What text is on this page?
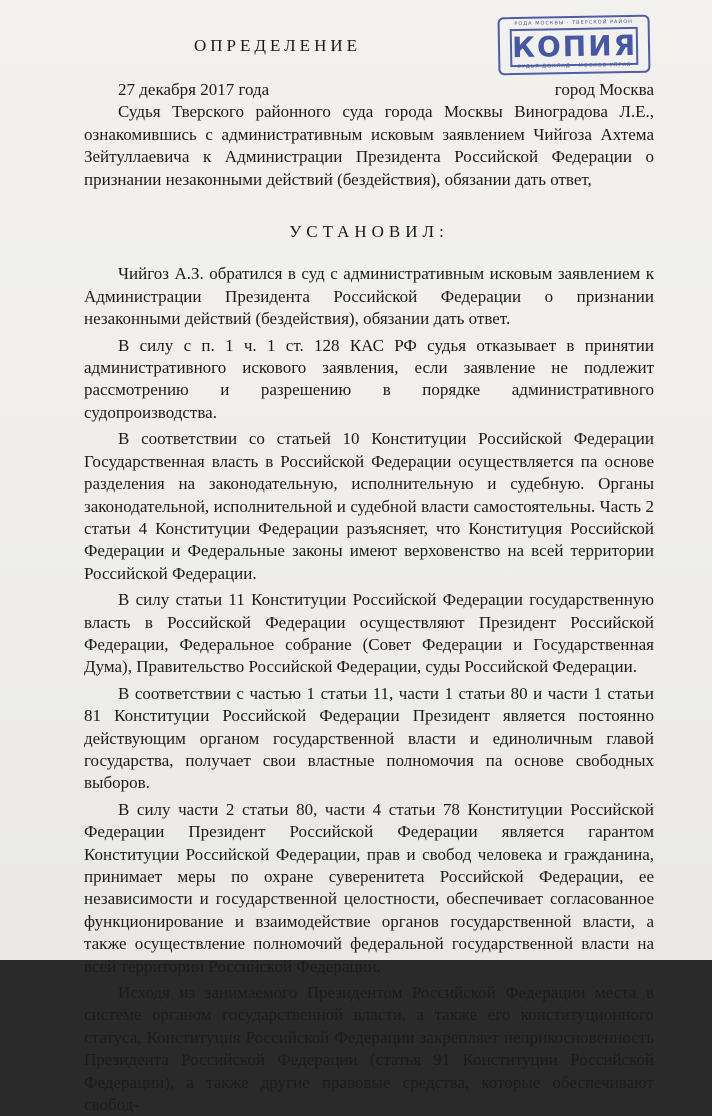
РОДА МОСКВЫ · ТВЕРСКОЙ РАЙОН
КОПИЯ
СУДЬЯ ДОКЛАД · МОСКОВ УПРАВ
ОПРЕДЕЛЕНИЕ
27 декабря 2017 года	город Москва

Судья Тверского районного суда города Москвы Виноградова Л.Е., ознакомившись с административным исковым заявлением Чийгоза Ахтема Зейтуллаевича к Администрации Президента Российской Федерации о признании незаконными действий (бездействия), обязании дать ответ,

УСТАНОВИЛ:

Чийгоз А.З. обратился в суд с административным исковым заявлением к Администрации Президента Российской Федерации о признании незаконными действий (бездействия), обязании дать ответ.

В силу с п. 1 ч. 1 ст. 128 КАС РФ судья отказывает в принятии административного искового заявления, если заявление не подлежит рассмотрению и разрешению в порядке административного судопроизводства.

В соответствии со статьей 10 Конституции Российской Федерации Государственная власть в Российской Федерации осуществляется па основе разделения на законодательную, исполнительную и судебную. Органы законодательной, исполнительной и судебной власти самостоятельны. Часть 2 статьи 4 Конституции Федерации разъясняет, что Конституция Российской Федерации и Федеральные законы имеют верховенство на всей территории Российской Федерации.

В силу статьи 11 Конституции Российской Федерации государственную власть в Российской Федерации осуществляют Президент Российской Федерации, Федеральное собрание (Совет Федерации и Государственная Дума), Правительство Российской Федерации, суды Российской Федерации.

В соответствии с частью 1 статьи 11, части 1 статьи 80 и части 1 статьи 81 Конституции Российской Федерации Президент является постоянно действующим органом государственной власти и единоличным главой государства, получает свои властные полномочия па основе свободных выборов.

В силу части 2 статьи 80, части 4 статьи 78 Конституции Российской Федерации Президент Российской Федерации является гарантом Конституции Российской Федерации, прав и свобод человека и гражданина, принимает меры по охране суверенитета Российской Федерации, ее независимости и государственной целостности, обеспечивает согласованное функционирование и взаимодействие органов государственной власти, а также осуществление полномочий федеральной государственной власти на всей территории Российской Федерации.

Исходя из занимаемого Президентом Российской Федерации места в системе органом государственной власти, а также его конституционного статуса, Конституция Российской Федерации закрепляет неприкосновенность Президента Российской Федерации (статья 91 Конституции Российской Федерации), а также другие правовые средства, которые обеспечивают свобод-
